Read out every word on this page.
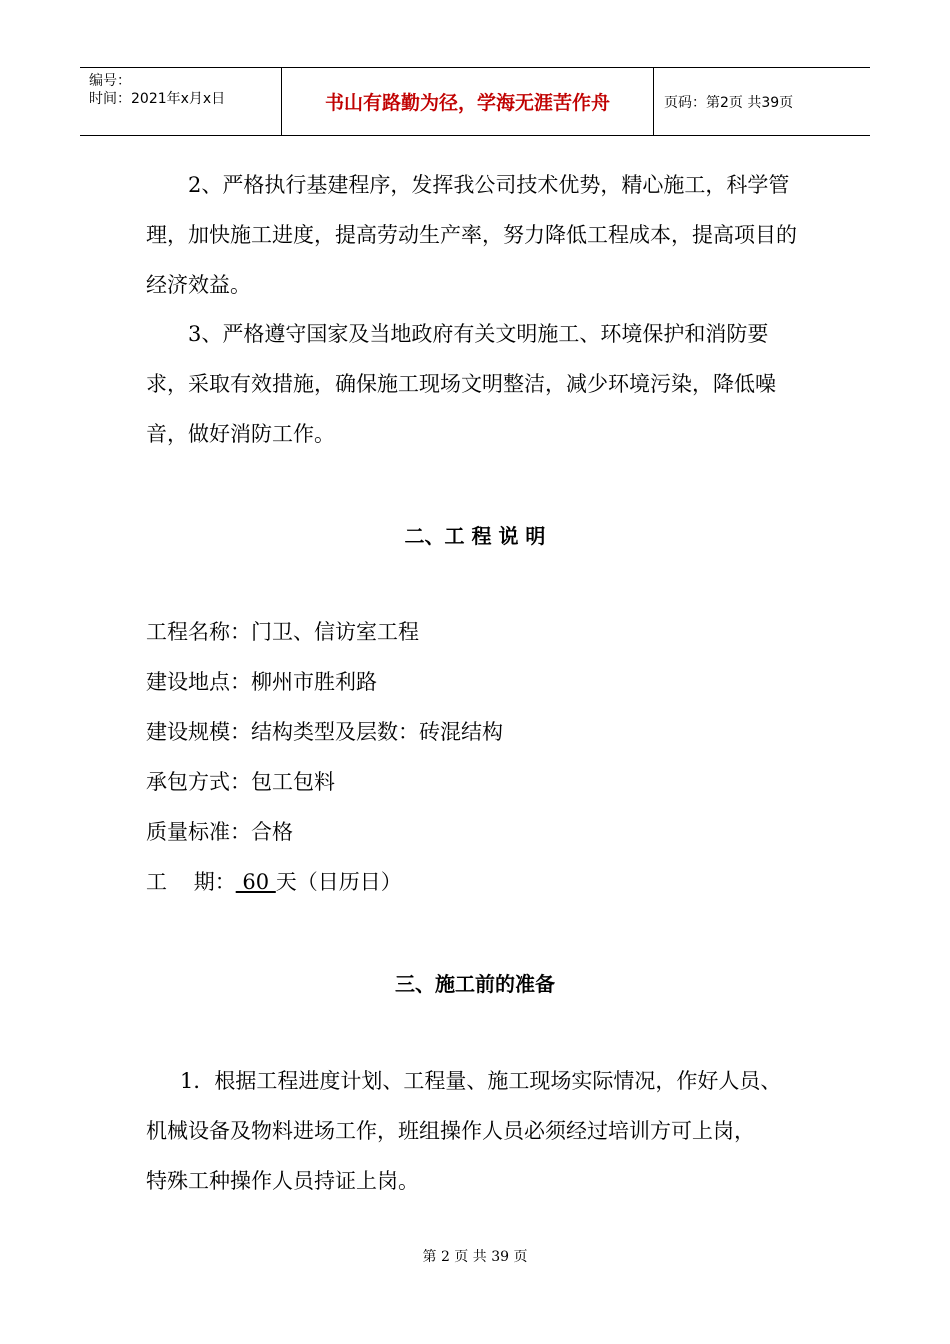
编号：
时间：2021年x月x日	书山有路勤为径，学海无涯苦作舟	页码：第2页 共39页

2、严格执行基建程序，发挥我公司技术优势，精心施工，科学管理，加快施工进度，提高劳动生产率，努力降低工程成本，提高项目的经济效益。

3、严格遵守国家及当地政府有关文明施工、环境保护和消防要求，采取有效措施，确保施工现场文明整洁，减少环境污染，降低噪音，做好消防工作。

二、工 程 说 明
工程名称：门卫、信访室工程
建设地点：柳州市胜利路
建设规模：结构类型及层数：砖混结构
承包方式：包工包料
质量标准：合格
工    期： 60 天（日历日）
三、施工前的准备
1．根据工程进度计划、工程量、施工现场实际情况，作好人员、
机械设备及物料进场工作，班组操作人员必须经过培训方可上岗，
特殊工种操作人员持证上岗。
第 2 页 共 39 页
